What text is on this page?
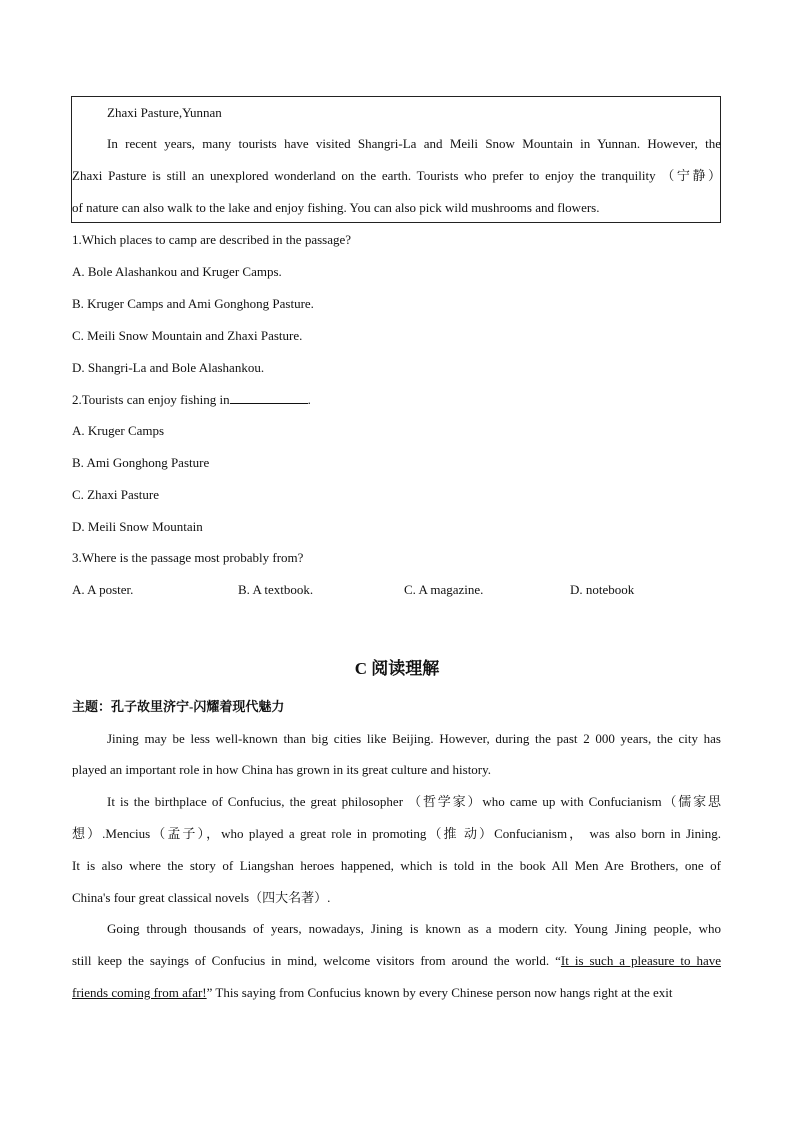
Zhaxi Pasture,Yunnan
In recent years, many tourists have visited Shangri-La and Meili Snow Mountain in Yunnan. However, the
Zhaxi Pasture is still an unexplored wonderland on the earth. Tourists who prefer to enjoy the tranquility （宁静）
of nature can also walk to the lake and enjoy fishing. You can also pick wild mushrooms and flowers.
1.Which places to camp are described in the passage?
A. Bole Alashankou and Kruger Camps.
B. Kruger Camps and Ami Gonghong Pasture.
C. Meili Snow Mountain and Zhaxi Pasture.
D. Shangri-La and Bole Alashankou.
2.Tourists can enjoy fishing in	.
A. Kruger Camps
B. Ami Gonghong Pasture
C. Zhaxi Pasture
D. Meili Snow Mountain
3.Where is the passage most probably from?
A. A poster.	B. A textbook.	C. A magazine.	D. notebook
C 阅读理解
主题：孔子故里济宁-闪耀着现代魅力
Jining may be less well-known than big cities like Beijing. However, during the past 2 000 years, the city has
played an important role in how China has grown in its great culture and history.
It is the birthplace of Confucius, the great philosopher （哲学家）who came up with Confucianism（儒家思
想）.Mencius（孟子），who played a great role in promoting（推 动）Confucianism， was also born in Jining.
It is also where the story of Liangshan heroes happened, which is told in the book All Men Are Brothers, one of
China's four great classical novels（四大名著）.
Going through thousands of years, nowadays, Jining is known as a modern city. Young Jining people, who
still keep the sayings of Confucius in mind, welcome visitors from around the world. “It is such a pleasure to have
friends coming from afar!” This saying from Confucius known by every Chinese person now hangs right at the exit
